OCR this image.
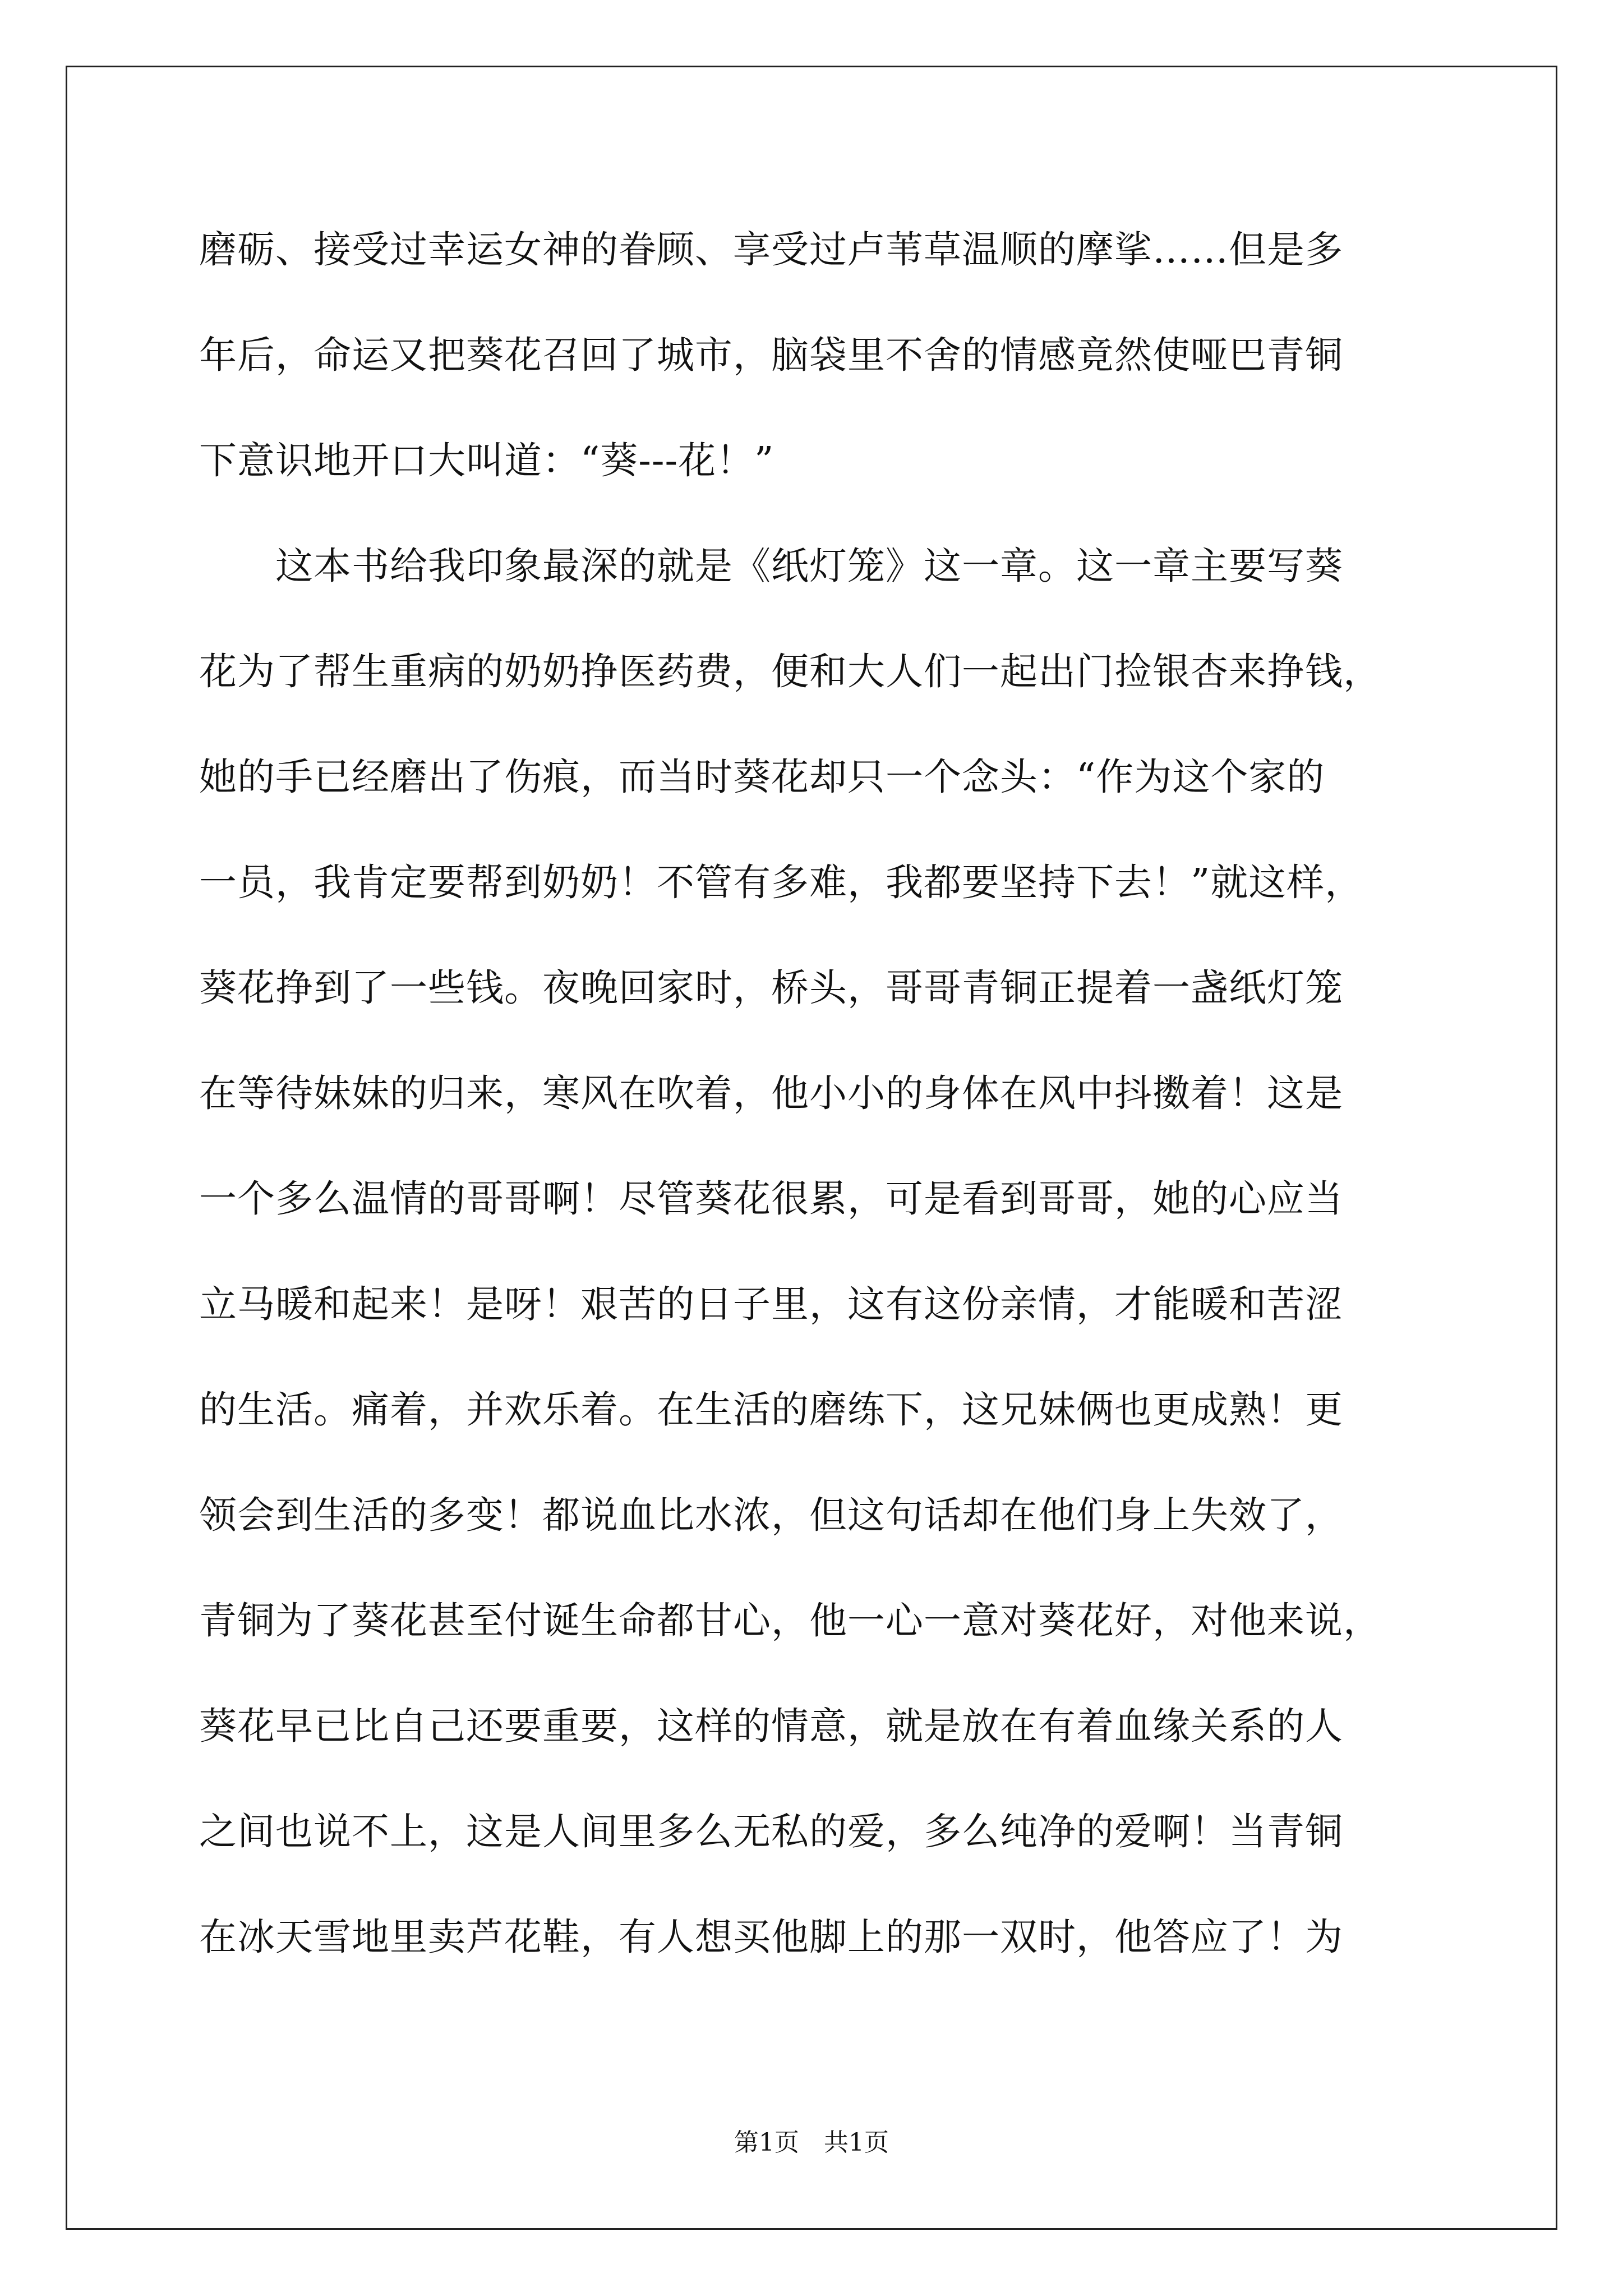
磨砺、接受过幸运女神的眷顾、享受过卢苇草温顺的摩挲……但是多
年后，命运又把葵花召回了城市，脑袋里不舍的情感竟然使哑巴青铜
下意识地开口大叫道：“葵---花！”
　　这本书给我印象最深的就是《纸灯笼》这一章。这一章主要写葵
花为了帮生重病的奶奶挣医药费，便和大人们一起出门捡银杏来挣钱，
她的手已经磨出了伤痕，而当时葵花却只一个念头：“作为这个家的
一员，我肯定要帮到奶奶！不管有多难，我都要坚持下去！”就这样，
葵花挣到了一些钱。夜晚回家时，桥头，哥哥青铜正提着一盏纸灯笼
在等待妹妹的归来，寒风在吹着，他小小的身体在风中抖擞着！这是
一个多么温情的哥哥啊！尽管葵花很累，可是看到哥哥，她的心应当
立马暖和起来！是呀！艰苦的日子里，这有这份亲情，才能暖和苦涩
的生活。痛着，并欢乐着。在生活的磨练下，这兄妹俩也更成熟！更
领会到生活的多变！都说血比水浓，但这句话却在他们身上失效了，
青铜为了葵花甚至付诞生命都甘心，他一心一意对葵花好，对他来说，
葵花早已比自己还要重要，这样的情意，就是放在有着血缘关系的人
之间也说不上，这是人间里多么无私的爱，多么纯净的爱啊！当青铜
在冰天雪地里卖芦花鞋，有人想买他脚上的那一双时，他答应了！为
第1页　共1页
